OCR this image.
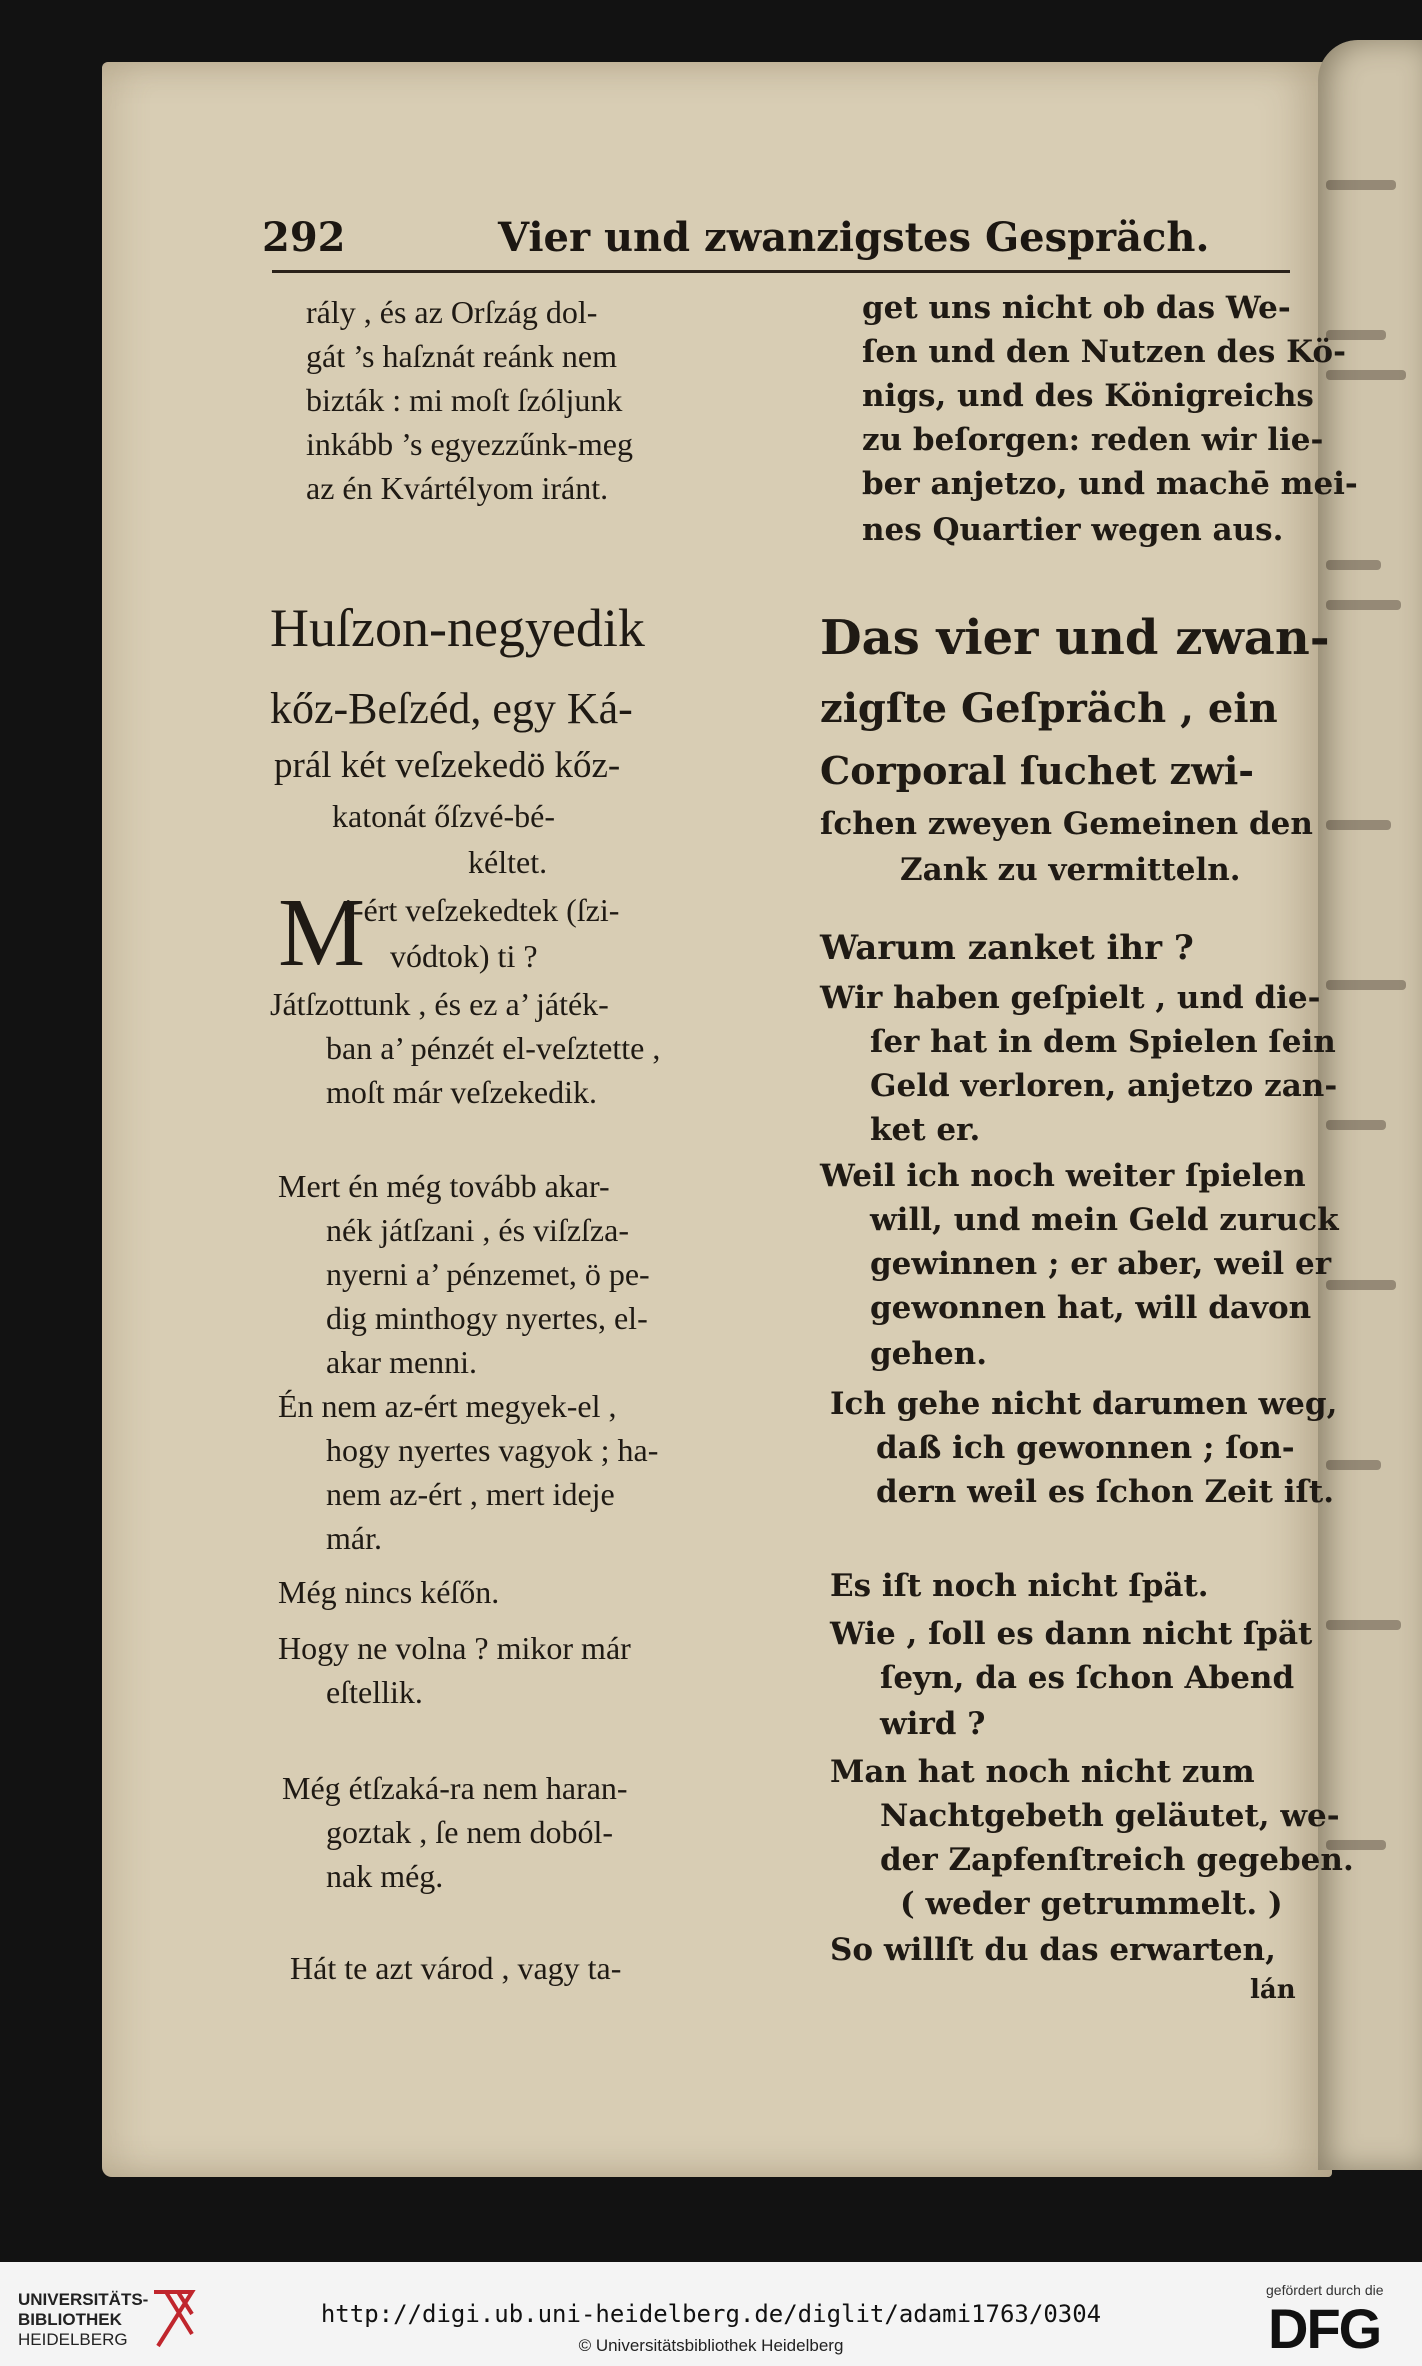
292	Vier und zwanzigstes Gespräch.
rály , és az Orſzág dol-
gát ’s haſznát reánk nem
bizták : mi moſt ſzóljunk
inkább ’s egyezzűnk-meg
az én Kvártélyom iránt.
Huſzon-negyedik
kőz-Beſzéd, egy Ká-
prál két veſzekedö kőz-
katonát őſzvé-bé-
kéltet.
M
i-ért veſzekedtek (ſzi-
vódtok) ti ?
Játſzottunk , és ez a’ játék-
ban a’ pénzét el-veſztette ,
moſt már veſzekedik.
Mert én még tovább akar-
nék játſzani , és viſzſza-
nyerni a’ pénzemet, ö pe-
dig minthogy nyertes, el-
akar menni.
Én nem az-ért megyek-el ,
hogy nyertes vagyok ; ha-
nem az-ért , mert ideje
már.
Még nincs kéſőn.
Hogy ne volna ? mikor már
eſtellik.
Még étſzaká-ra nem haran-
goztak , ſe nem doból-
nak még.
Hát te azt várod , vagy ta-
get uns nicht ob das We-
ſen und den Nutzen des Kö-
nigs, und des Königreichs
zu beſorgen: reden wir lie-
ber anjetzo, und machē mei-
nes Quartier wegen aus.
Das vier und zwan-
zigſte Geſpräch , ein
Corporal ſuchet zwi-
ſchen zweyen Gemeinen den
Zank zu vermitteln.
Warum zanket ihr ?
Wir haben geſpielt , und die-
ſer hat in dem Spielen ſein
Geld verloren, anjetzo zan-
ket er.
Weil ich noch weiter ſpielen
will, und mein Geld zuruck
gewinnen ; er aber, weil er
gewonnen hat, will davon
gehen.
Ich gehe nicht darumen weg,
daß ich gewonnen ; ſon-
dern weil es ſchon Zeit iſt.
Es iſt noch nicht ſpät.
Wie , ſoll es dann nicht ſpät
ſeyn, da es ſchon Abend
wird ?
Man hat noch nicht zum
Nachtgebeth geläutet, we-
der Zapfenſtreich gegeben.
( weder getrummelt. )
So willſt du das erwarten,
lán
UNIVERSITÄTS-
BIBLIOTHEK
HEIDELBERG
http://digi.ub.uni-heidelberg.de/diglit/adami1763/0304
© Universitätsbibliothek Heidelberg
gefördert durch die
DFG
